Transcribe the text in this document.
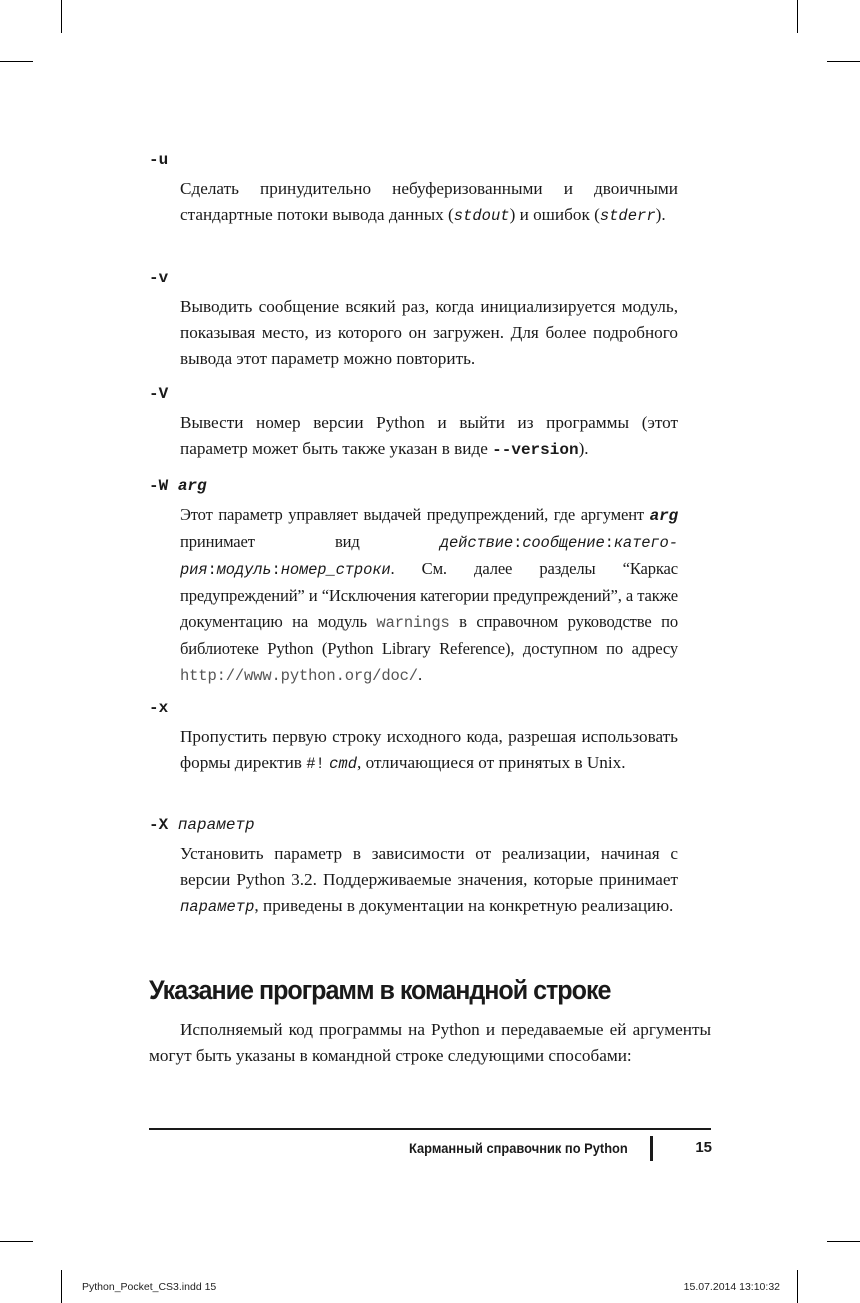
-u
Сделать принудительно небуферизованными и двоичными стандартные потоки вывода данных (stdout) и ошибок (stderr).
-v
Выводить сообщение всякий раз, когда инициализируется модуль, показывая место, из которого он загружен. Для более подробного вывода этот параметр можно повторить.
-V
Вывести номер версии Python и выйти из программы (этот параметр может быть также указан в виде --version).
-W arg
Этот параметр управляет выдачей предупреждений, где аргумент arg принимает вид действие:сообщение:категория:модуль:номер_строки. См. далее разделы “Каркас предупреждений” и “Исключения категории предупреждений”, а также документацию на модуль warnings в справочном руководстве по библиотеке Python (Python Library Reference), доступном по адресу http://www.python.org/doc/.
-x
Пропустить первую строку исходного кода, разрешая использовать формы директив #! cmd, отличающиеся от принятых в Unix.
-X параметр
Установить параметр в зависимости от реализации, начиная с версии Python 3.2. Поддерживаемые значения, которые принимает параметр, приведены в документации на конкретную реализацию.
Указание программ в командной строке
Исполняемый код программы на Python и передаваемые ей аргументы могут быть указаны в командной строке следующими способами:
Карманный справочник по Python	15
Python_Pocket_CS3.indd 15	15.07.2014 13:10:32
